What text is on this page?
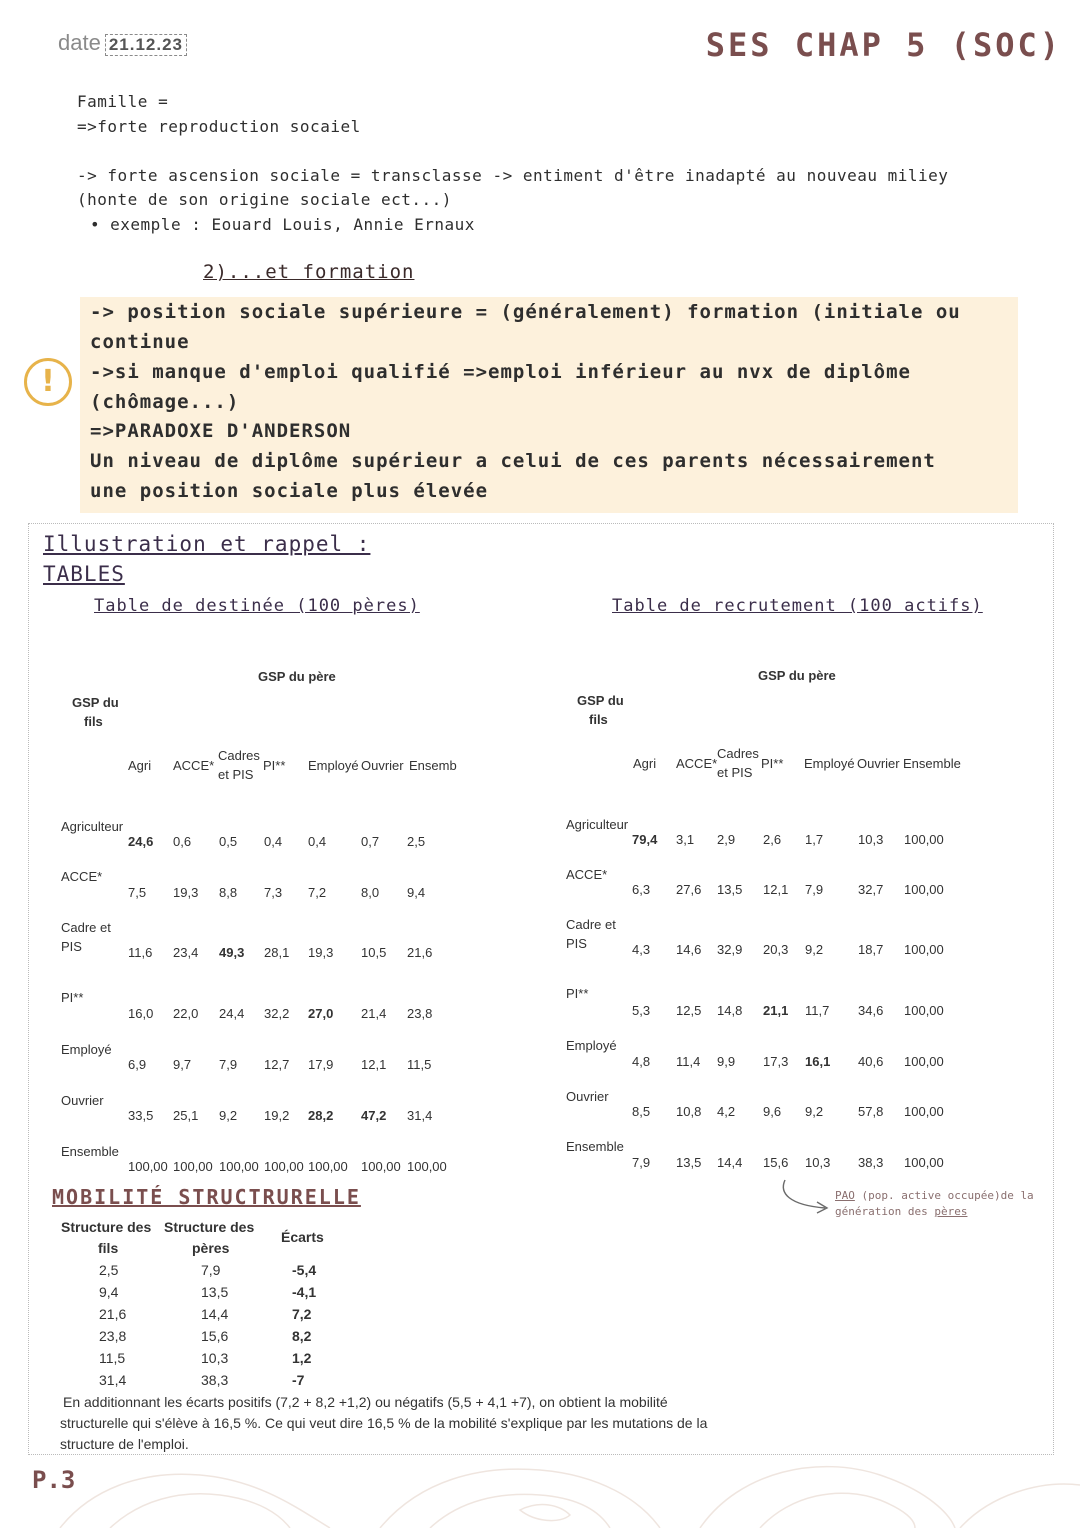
date 21.12.23	SES CHAP 5 (SOC)
Famille =
=>forte reproduction socaiel
-> forte ascension sociale = transclasse -> entiment d'être inadapté au nouveau miliey
(honte de son origine sociale ect...)
• exemple : Eouard Louis, Annie Ernaux
2)...et formation
-> position sociale supérieure = (généralement) formation (initiale ou
continue
->si manque d'emploi qualifié =>emploi inférieur au nvx de diplôme
(chômage...)
=>PARADOXE D'ANDERSON
Un niveau de diplôme supérieur a celui de ces parents nécessairement
une position sociale plus élevée
!
Illustration et rappel :
TABLES
Table de destinée (100 pères)	Table de recrutement (100 actifs)
GSP du père
GSP du
fils
Agri ACCE*
Cadres
et PIS
PI** Employé Ouvrier Ensemb
Agriculteur
24,6 0,6 0,5 0,4 0,4	0,7 2,5
ACCE*
7,5 19,3 8,8 7,3 7,2	8,0 9,4
Cadre et
PIS	11,6 23,4 49,3 28,1 19,3 10,5 21,6
PI**
16,0 22,0 24,4 32,2 27,0 21,4 23,8
Employé
6,9 9,7 7,9 12,7 17,9 12,1 11,5
Ouvrier
33,5 25,1 9,2 19,2 28,2 47,2 31,4
Ensemble
100,00 100,00 100,00 100,00 100,00 100,00 100,00
GSP du père
GSP du
fils
Agri ACCE*
Cadres
et PIS
PI** Employé Ouvrier Ensemble
Agriculteur
79,4 3,1 2,9 2,6 1,7	10,3 100,00
ACCE*
6,3 27,6 13,5 12,1 7,9	32,7 100,00
Cadre et
PIS	4,3 14,6 32,9 20,3 9,2	18,7 100,00
PI**
5,3 12,5 14,8 21,1 11,7 34,6 100,00
Employé
4,8 11,4 9,9 17,3 16,1 40,6 100,00
Ouvrier
8,5 10,8 4,2 9,6 9,2	57,8 100,00
Ensemble
7,9 13,5 14,4 15,6 10,3 38,3 100,00
PAO (pop. active occupée)de la
génération des pères
MOBILITÉ STRUCTRURELLE
Structure des
fils
Structure des
pères
Écarts
2,5	7,9	-5,4
9,4	13,5	-4,1
21,6	14,4	7,2
23,8	15,6	8,2
11,5	10,3	1,2
31,4	38,3	-7
En additionnant les écarts positifs (7,2 + 8,2 +1,2) ou négatifs (5,5 + 4,1 +7), on obtient la mobilité
structurelle qui s'élève à 16,5 %. Ce qui veut dire 16,5 % de la mobilité s'explique par les mutations de la
structure de l'emploi.
P.3
